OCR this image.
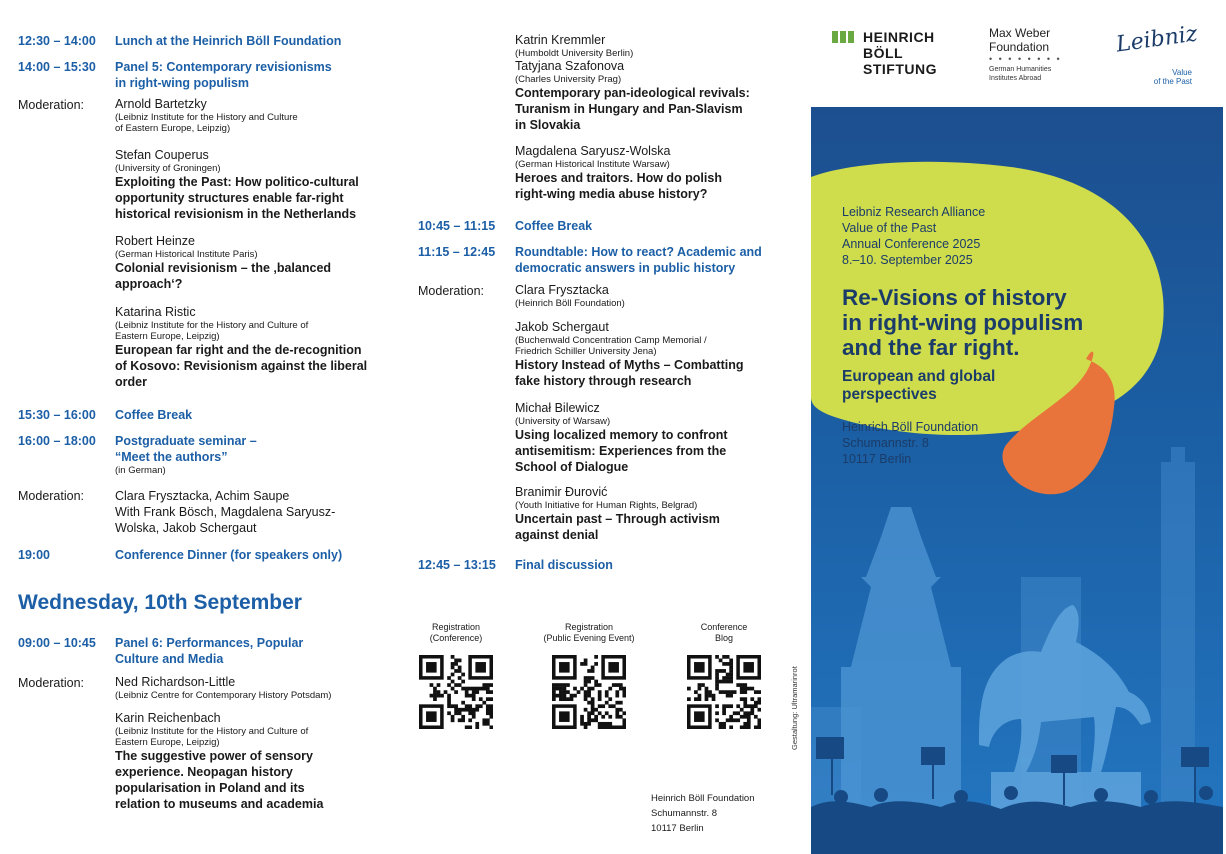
12:30 – 14:00	Lunch at the Heinrich Böll Foundation
14:00 – 15:30	Panel 5: Contemporary revisionisms
in right-wing populism
Moderation: Arnold Bartetzky
(Leibniz Institute for the History and Culture
of Eastern Europe, Leipzig)
Stefan Couperus
(University of Groningen)
Exploiting the Past: How politico-cultural
opportunity structures enable far-right
historical revisionism in the Netherlands
Robert Heinze
(German Historical Institute Paris)
Colonial revisionism – the ‚balanced
approach‘?
Katarina Ristic
(Leibniz Institute for the History and Culture of
Eastern Europe, Leipzig)
European far right and the de-recognition
of Kosovo: Revisionism against the liberal
order
15:30 – 16:00	Coffee Break
16:00 – 18:00	Postgraduate seminar –
“Meet the authors”
(in German)
Moderation: Clara Frysztacka, Achim Saupe
With Frank Bösch, Magdalena Saryusz-
Wolska, Jakob Schergaut
19:00	Conference Dinner (for speakers only)
Wednesday, 10th September
09:00 – 10:45	Panel 6: Performances, Popular
Culture and Media
Moderation: Ned Richardson-Little
(Leibniz Centre for Contemporary History Potsdam)
Karin Reichenbach
(Leibniz Institute for the History and Culture of
Eastern Europe, Leipzig)
The suggestive power of sensory
experience. Neopagan history
popularisation in Poland and its
relation to museums and academia
Katrin Kremmler
(Humboldt University Berlin)
Tatyjana Szafonova
(Charles University Prag)
Contemporary pan-ideological revivals:
Turanism in Hungary and Pan-Slavism
in Slovakia
Magdalena Saryusz-Wolska
(German Historical Institute Warsaw)
Heroes and traitors. How do polish
right-wing media abuse history?
10:45 – 11:15	Coffee Break
11:15 – 12:45	Roundtable: How to react? Academic and
democratic answers in public history
Moderation: Clara Frysztacka
(Heinrich Böll Foundation)
Jakob Schergaut
(Buchenwald Concentration Camp Memorial /
Friedrich Schiller University Jena)
History Instead of Myths – Combatting
fake history through research
Michał Bilewicz
(University of Warsaw)
Using localized memory to confront
antisemitism: Experiences from the
School of Dialogue
Branimir Đurović
(Youth Initiative for Human Rights, Belgrad)
Uncertain past – Through activism
against denial
12:45 – 13:15	Final discussion
Registration
(Conference)
Registration
(Public Evening Event)
Conference
Blog
Gestaltung: Ultramarinrot
Heinrich Böll Foundation
Schumannstr. 8
10117 Berlin
HEINRICH
BÖLL
STIFTUNG
Max Weber
Foundation
• • • • • • • •
German Humanities
Institutes Abroad
Leibniz
Value
of the Past
Leibniz Research Alliance
Value of the Past
Annual Conference 2025
8.–10. September 2025
Re-Visions of history
in right-wing populism
and the far right.
European and global
perspectives
Heinrich Böll Foundation
Schumannstr. 8
10117 Berlin
